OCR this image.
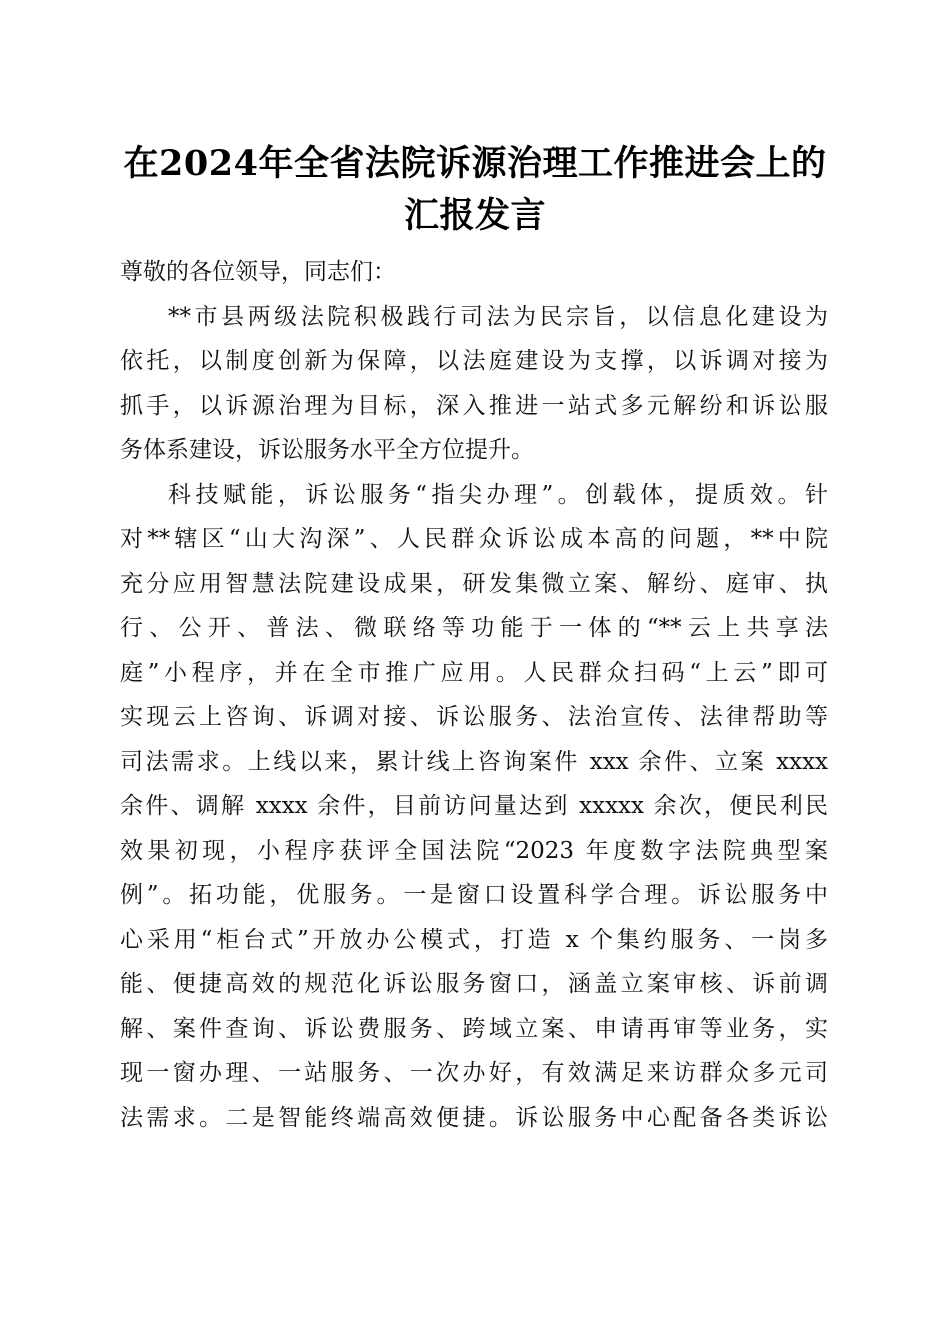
在2024年全省法院诉源治理工作推进会上的
汇报发言
尊敬的各位领导，同志们：
**市县两级法院积极践行司法为民宗旨，以信息化建设为
依托，以制度创新为保障，以法庭建设为支撑，以诉调对接为
抓手，以诉源治理为目标，深入推进一站式多元解纷和诉讼服
务体系建设，诉讼服务水平全方位提升。
科技赋能，诉讼服务“指尖办理”。创载体，提质效。针
对**辖区“山大沟深”、人民群众诉讼成本高的问题，**中院
充分应用智慧法院建设成果，研发集微立案、解纷、庭审、执
行、公开、普法、微联络等功能于一体的“**云上共享法
庭”小程序，并在全市推广应用。人民群众扫码“上云”即可
实现云上咨询、诉调对接、诉讼服务、法治宣传、法律帮助等
司法需求。上线以来，累计线上咨询案件 xxx 余件、立案 xxxx
余件、调解 xxxx 余件，目前访问量达到 xxxxx 余次，便民利民
效果初现，小程序获评全国法院“2023 年度数字法院典型案
例”。拓功能，优服务。一是窗口设置科学合理。诉讼服务中
心采用“柜台式”开放办公模式，打造 x 个集约服务、一岗多
能、便捷高效的规范化诉讼服务窗口，涵盖立案审核、诉前调
解、案件查询、诉讼费服务、跨域立案、申请再审等业务，实
现一窗办理、一站服务、一次办好，有效满足来访群众多元司
法需求。二是智能终端高效便捷。诉讼服务中心配备各类诉讼
